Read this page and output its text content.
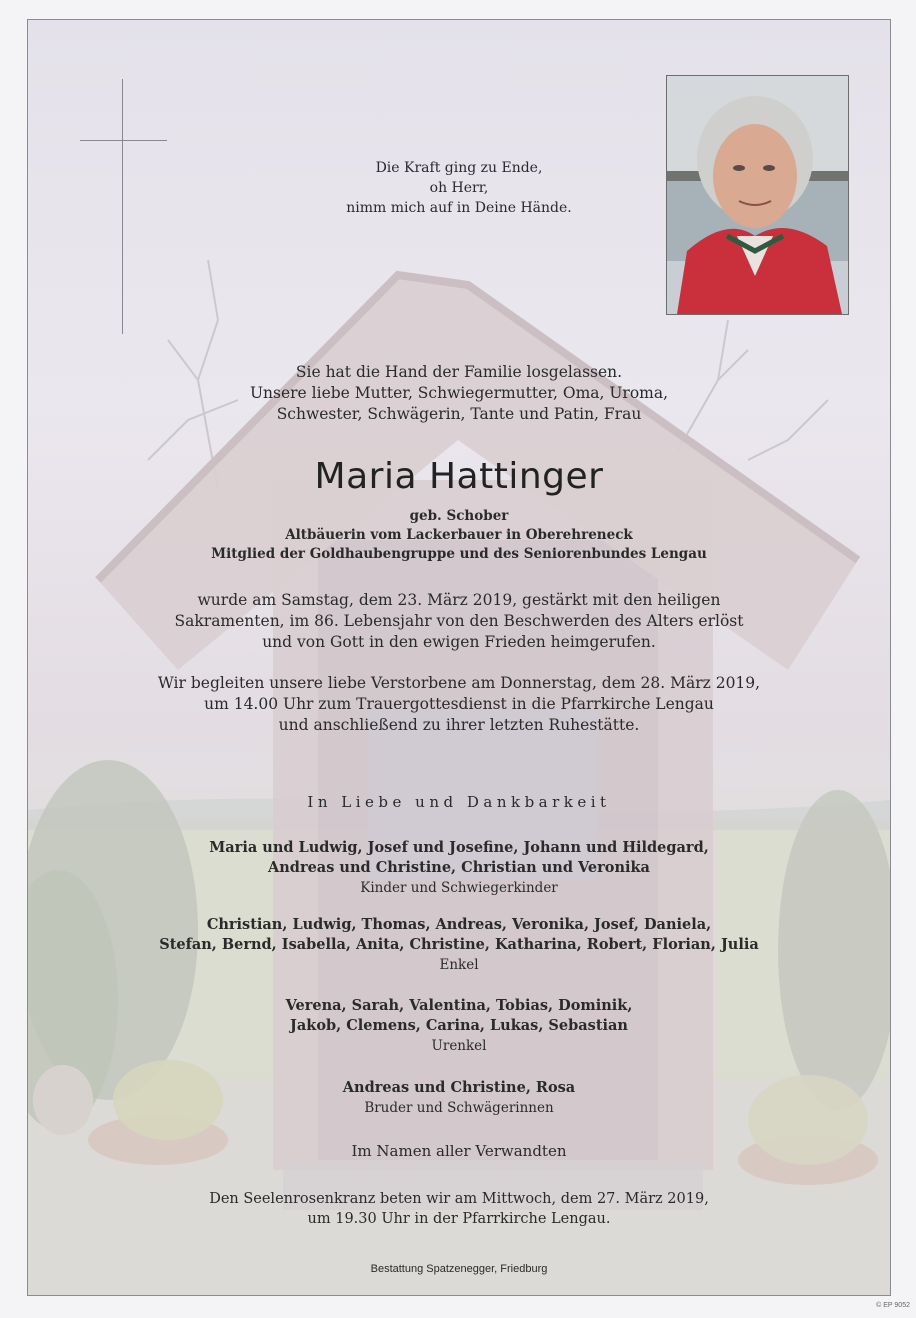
Die Kraft ging zu Ende,
oh Herr,
nimm mich auf in Deine Hände.
Sie hat die Hand der Familie losgelassen.
Unsere liebe Mutter, Schwiegermutter, Oma, Uroma,
Schwester, Schwägerin, Tante und Patin, Frau
Maria Hattinger
geb. Schober
Altbäuerin vom Lackerbauer in Oberehreneck
Mitglied der Goldhaubengruppe und des Seniorenbundes Lengau
wurde am Samstag, dem 23. März 2019, gestärkt mit den heiligen
Sakramenten, im 86. Lebensjahr von den Beschwerden des Alters erlöst
und von Gott in den ewigen Frieden heimgerufen.
Wir begleiten unsere liebe Verstorbene am Donnerstag, dem 28. März 2019,
um 14.00 Uhr zum Trauergottesdienst in die Pfarrkirche Lengau
und anschließend zu ihrer letzten Ruhestätte.
In Liebe und Dankbarkeit
Maria und Ludwig, Josef und Josefine, Johann und Hildegard,
Andreas und Christine, Christian und Veronika
Kinder und Schwiegerkinder
Christian, Ludwig, Thomas, Andreas, Veronika, Josef, Daniela,
Stefan, Bernd, Isabella, Anita, Christine, Katharina, Robert, Florian, Julia
Enkel
Verena, Sarah, Valentina, Tobias, Dominik,
Jakob, Clemens, Carina, Lukas, Sebastian
Urenkel
Andreas und Christine, Rosa
Bruder und Schwägerinnen
Im Namen aller Verwandten
Den Seelenrosenkranz beten wir am Mittwoch, dem 27. März 2019,
um 19.30 Uhr in der Pfarrkirche Lengau.
Bestattung Spatzenegger, Friedburg
© EP 9052
